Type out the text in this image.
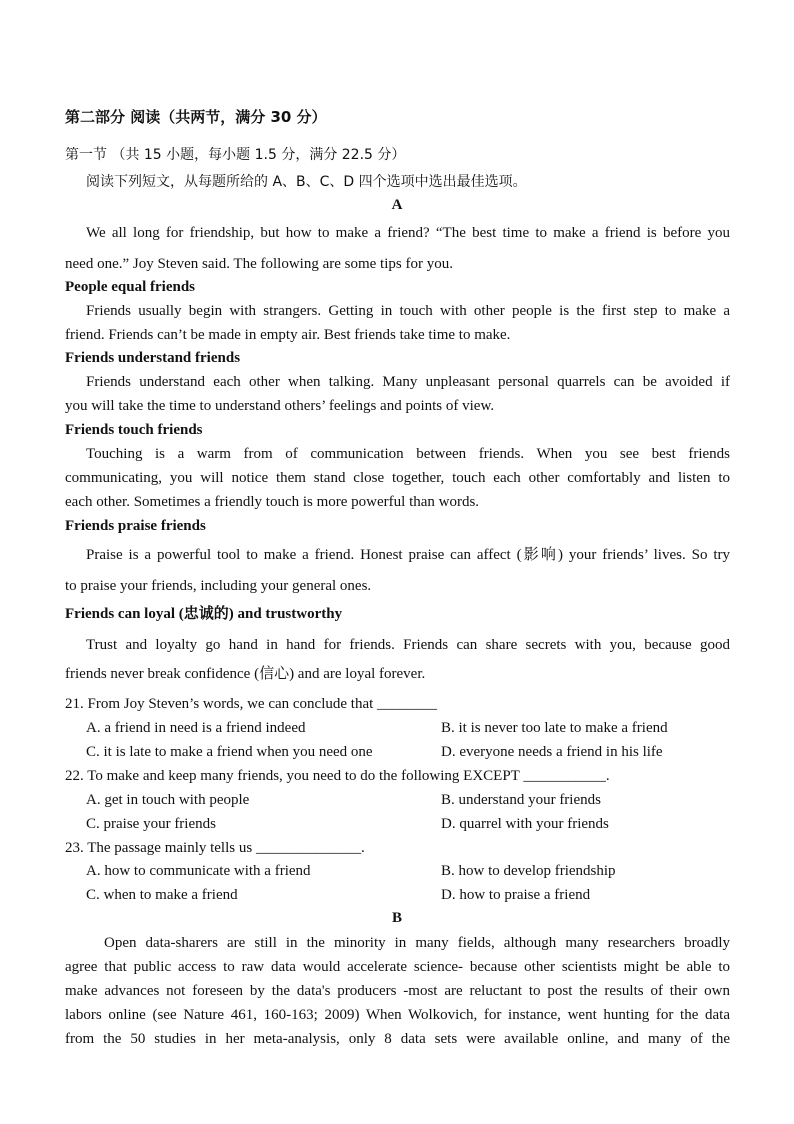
第二部分 阅读（共两节，满分 30 分）
第一节 （共 15 小题，每小题 1.5 分，满分 22.5 分）
阅读下列短文，从每题所给的 A、B、C、D 四个选项中选出最佳选项。
A
We all long for friendship, but how to make a friend? “The best time to make a friend is before you
need one.” Joy Steven said. The following are some tips for you.
People equal friends
Friends usually begin with strangers. Getting in touch with other people is the first step to make a
friend. Friends can’t be made in empty air. Best friends take time to make.
Friends understand friends
Friends understand each other when talking. Many unpleasant personal quarrels can be avoided if
you will take the time to understand others’ feelings and points of view.
Friends touch friends
Touching is a warm from of communication between friends. When you see best friends
communicating, you will notice them stand close together, touch each other comfortably and listen to
each other. Sometimes a friendly touch is more powerful than words.
Friends praise friends
Praise is a powerful tool to make a friend. Honest praise can affect (影响) your friends’ lives. So try
to praise your friends, including your general ones.
Friends can loyal (忠诚的) and trustworthy
Trust and loyalty go hand in hand for friends. Friends can share secrets with you, because good
friends never break confidence (信心) and are loyal forever.
21. From Joy Steven’s words, we can conclude that ________
A. a friend in need is a friend indeed	B. it is never too late to make a friend
C. it is late to make a friend when you need one	D. everyone needs a friend in his life
22. To make and keep many friends, you need to do the following EXCEPT ___________.
A. get in touch with people	B. understand your friends
C. praise your friends	D. quarrel with your friends
23. The passage mainly tells us ______________.
A. how to communicate with a friend	B. how to develop friendship
C. when to make a friend	D. how to praise a friend
B
Open data-sharers are still in the minority in many fields, although many researchers broadly
agree that public access to raw data would accelerate science- because other scientists might be able to
make advances not foreseen by the data's producers -most are reluctant to post the results of their own
labors online (see Nature 461, 160-163; 2009) When Wolkovich, for instance, went hunting for the data
from the 50 studies in her meta-analysis, only 8 data sets were available online, and many of the
